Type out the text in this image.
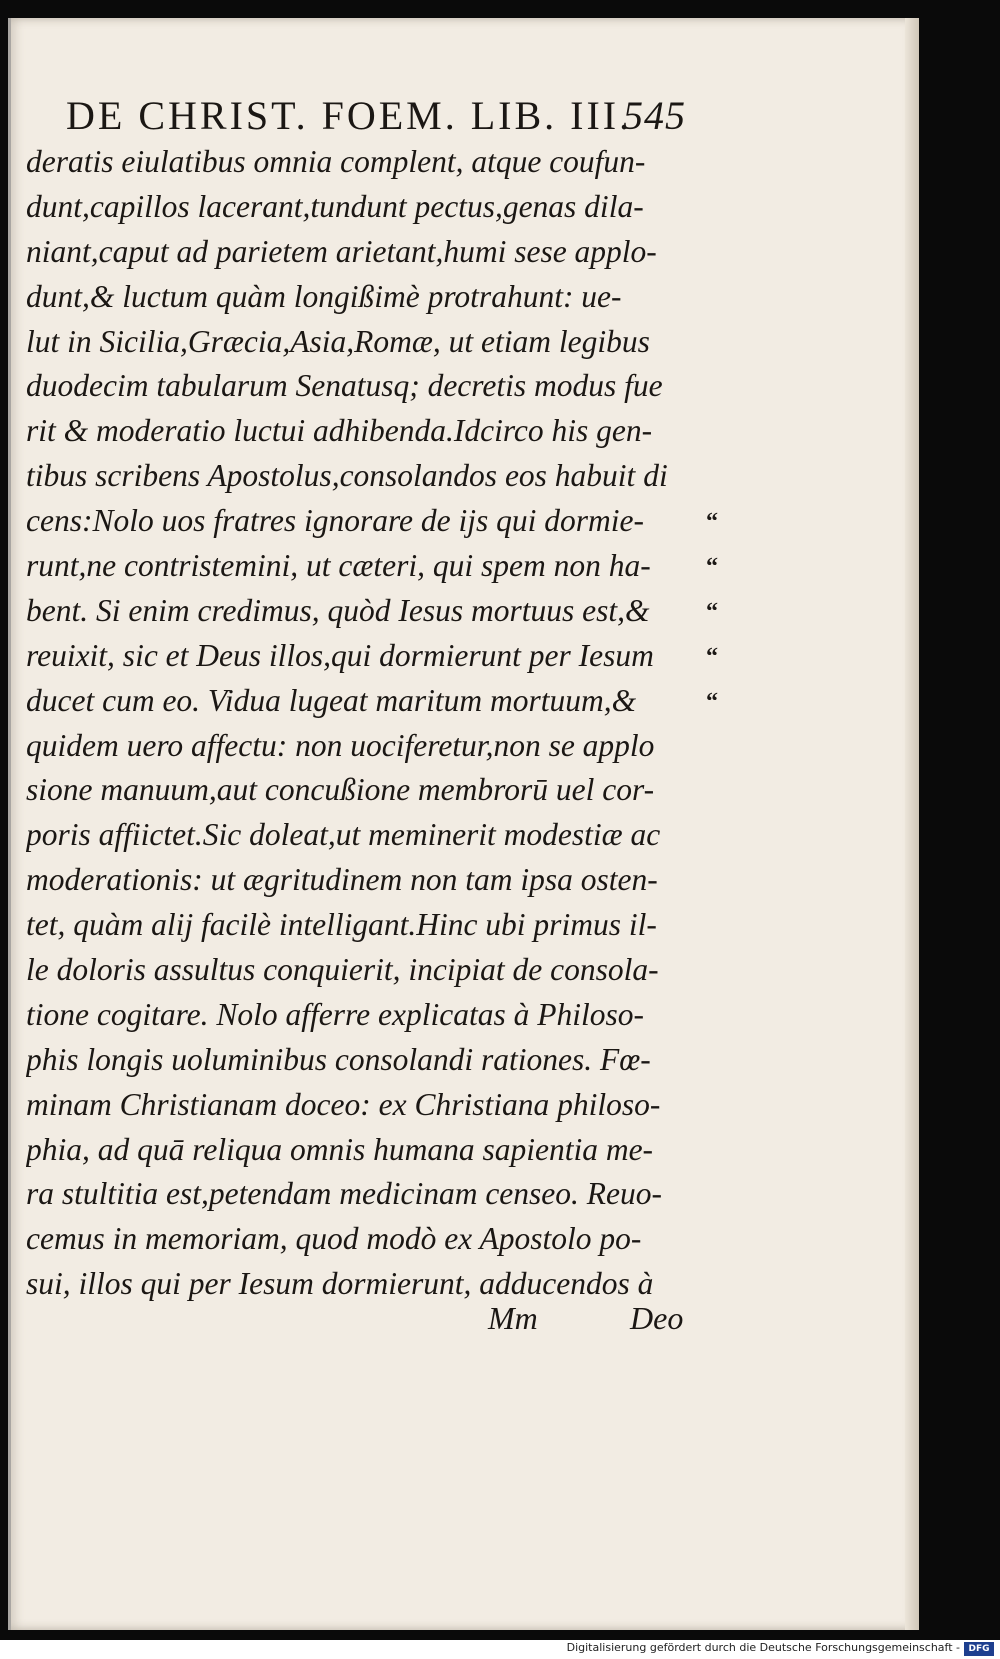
DE CHRIST. FOEM. LIB. III.
545
deratis eiulatibus omnia complent, atque coufun-
dunt,capillos lacerant,tundunt pectus,genas dila-
niant,caput ad parietem arietant,humi sese applo-
dunt,& luctum quàm longißimè protrahunt: ue-
lut in Sicilia,Græcia,Asia,Romæ, ut etiam legibus
duodecim tabularum Senatusq; decretis modus fue
rit & moderatio luctui adhibenda.Idcirco his gen-
tibus scribens Apostolus,consolandos eos habuit di
cens:Nolo uos fratres ignorare de ijs qui dormie-
runt,ne contristemini, ut cæteri, qui spem non ha-
bent. Si enim credimus, quòd Iesus mortuus est,&
reuixit, sic et Deus illos,qui dormierunt per Iesum
ducet cum eo. Vidua lugeat maritum mortuum,&
quidem uero affectu: non uociferetur,non se applo
sione manuum,aut concußione membrorū uel cor-
poris affiictet.Sic doleat,ut meminerit modestiæ ac
moderationis: ut ægritudinem non tam ipsa osten-
tet, quàm alij facilè intelligant.Hinc ubi primus il-
le doloris assultus conquierit, incipiat de consola-
tione cogitare. Nolo afferre explicatas à Philoso-
phis longis uoluminibus consolandi rationes. Fœ-
minam Christianam doceo: ex Christiana philoso-
phia, ad quā reliqua omnis humana sapientia me-
ra stultitia est,petendam medicinam censeo. Reuo-
cemus in memoriam, quod modò ex Apostolo po-
sui, illos qui per Iesum dormierunt, adducendos à
“
“
“
“
“
Mm	Deo
Digitalisierung gefördert durch die Deutsche Forschungsgemeinschaft - DFG
